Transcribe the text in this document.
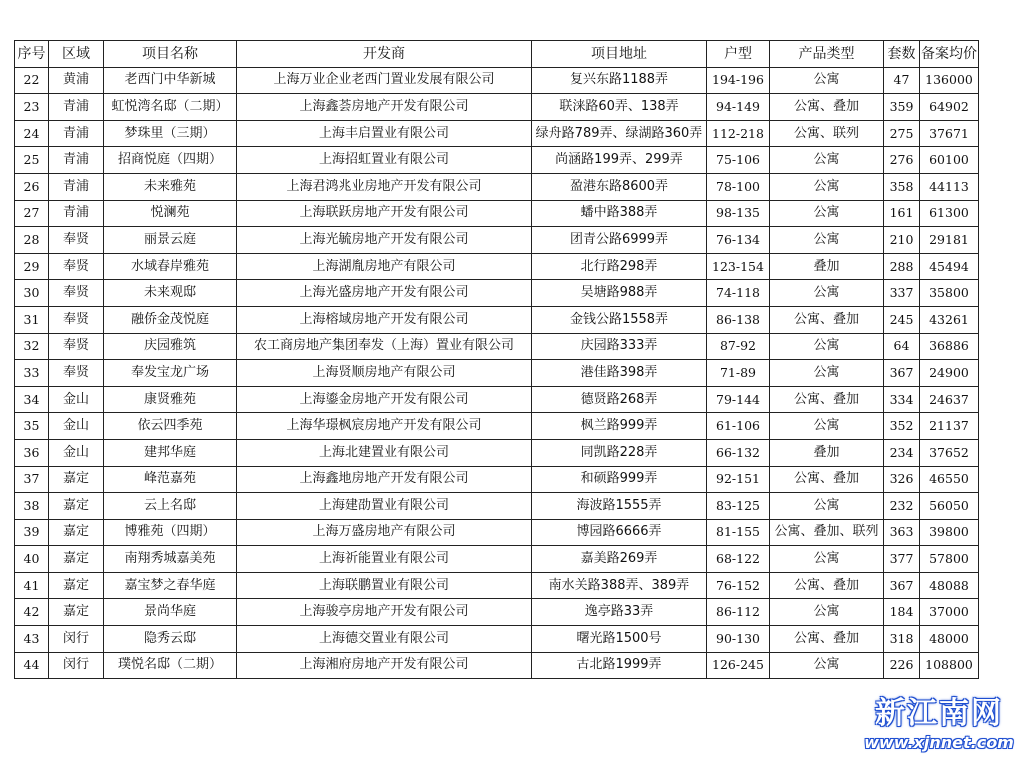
序号	区域	项目名称	开发商	项目地址	户型	产品类型	套数	备案均价
22	黄浦	老西门中华新城	上海万业企业老西门置业发展有限公司	复兴东路1188弄	194-196	公寓	47	136000
23	青浦	虹悦湾名邸（二期）	上海鑫荟房地产开发有限公司	联涞路60弄、138弄	94-149	公寓、叠加	359	64902
24	青浦	梦珠里（三期）	上海丰启置业有限公司	绿舟路789弄、绿湖路360弄	112-218	公寓、联列	275	37671
25	青浦	招商悦庭（四期）	上海招虹置业有限公司	尚涵路199弄、299弄	75-106	公寓	276	60100
26	青浦	未来雅苑	上海君鸿兆业房地产开发有限公司	盈港东路8600弄	78-100	公寓	358	44113
27	青浦	悦澜苑	上海联跃房地产开发有限公司	蟠中路388弄	98-135	公寓	161	61300
28	奉贤	丽景云庭	上海光毓房地产开发有限公司	团青公路6999弄	76-134	公寓	210	29181
29	奉贤	水域春岸雅苑	上海湖胤房地产有限公司	北行路298弄	123-154	叠加	288	45494
30	奉贤	未来观邸	上海光盛房地产开发有限公司	吴塘路988弄	74-118	公寓	337	35800
31	奉贤	融侨金茂悦庭	上海榕域房地产开发有限公司	金钱公路1558弄	86-138	公寓、叠加	245	43261
32	奉贤	庆园雅筑	农工商房地产集团奉发（上海）置业有限公司	庆园路333弄	87-92	公寓	64	36886
33	奉贤	奉发宝龙广场	上海贤顺房地产有限公司	港佳路398弄	71-89	公寓	367	24900
34	金山	康贤雅苑	上海鎏金房地产开发有限公司	德贤路268弄	79-144	公寓、叠加	334	24637
35	金山	依云四季苑	上海华璟枫宸房地产开发有限公司	枫兰路999弄	61-106	公寓	352	21137
36	金山	建邦华庭	上海北建置业有限公司	同凯路228弄	66-132	叠加	234	37652
37	嘉定	峰范嘉苑	上海鑫地房地产开发有限公司	和硕路999弄	92-151	公寓、叠加	326	46550
38	嘉定	云上名邸	上海建劭置业有限公司	海波路1555弄	83-125	公寓	232	56050
39	嘉定	博雅苑（四期）	上海万盛房地产有限公司	博园路6666弄	81-155	公寓、叠加、联列	363	39800
40	嘉定	南翔秀城嘉美苑	上海祈能置业有限公司	嘉美路269弄	68-122	公寓	377	57800
41	嘉定	嘉宝梦之春华庭	上海联鹏置业有限公司	南水关路388弄、389弄	76-152	公寓、叠加	367	48088
42	嘉定	景尚华庭	上海骏亭房地产开发有限公司	逸亭路33弄	86-112	公寓	184	37000
43	闵行	隐秀云邸	上海德交置业有限公司	曙光路1500号	90-130	公寓、叠加	318	48000
44	闵行	璞悦名邸（二期）	上海湘府房地产开发有限公司	古北路1999弄	126-245	公寓	226	108800
新江南网
www.xjnnet.com
